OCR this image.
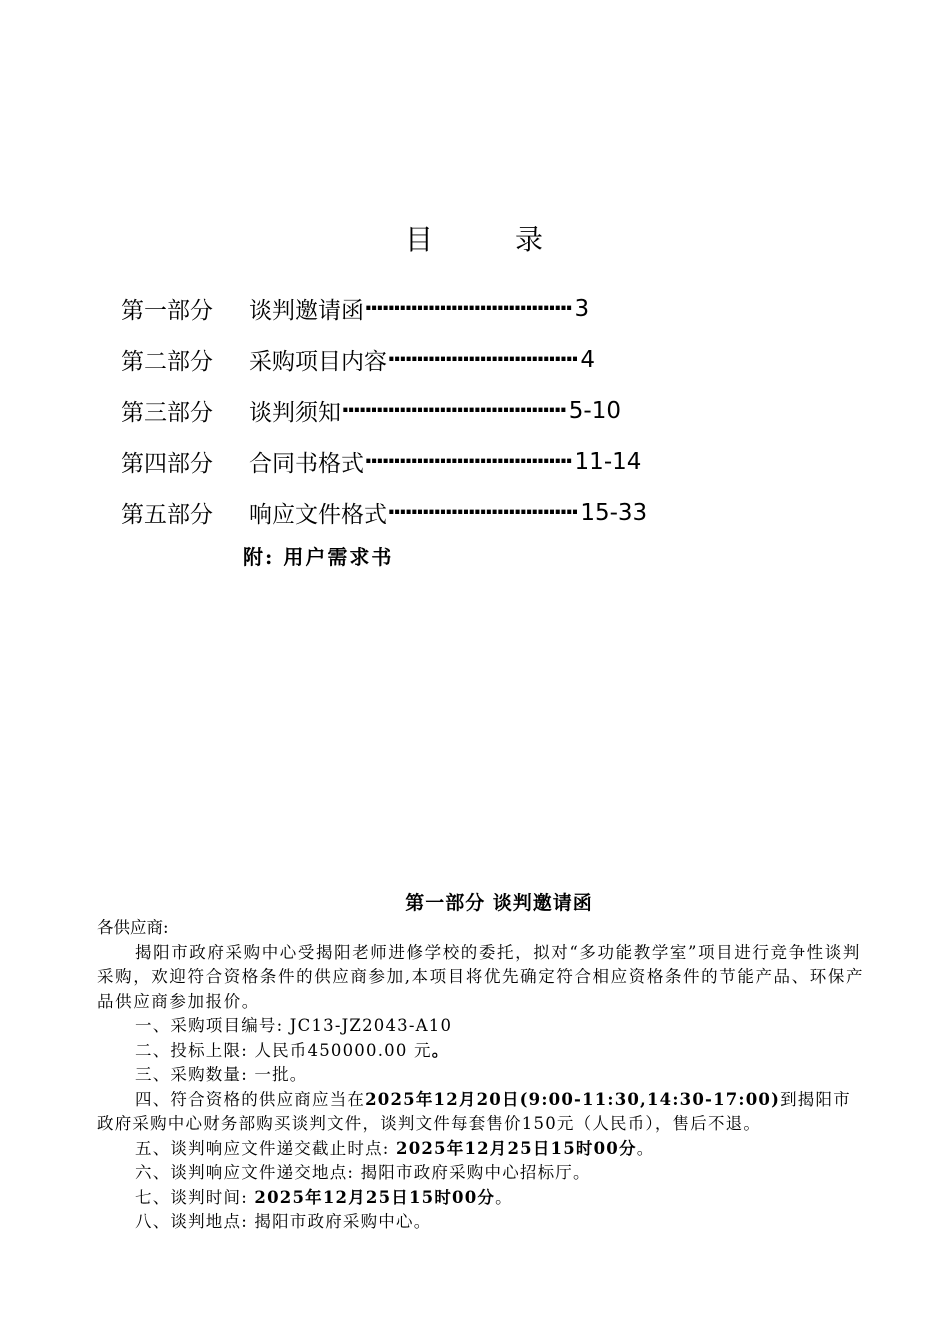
目	录
第一部分	谈判邀请函 ···································· 3
第二部分	采购项目内容 ································· 4
第三部分	谈判须知 ······································· 5-10
第四部分	合同书格式 ···································· 11-14
第五部分	响应文件格式 ································· 15-33
附: 用户需求书
第一部分 谈判邀请函

各供应商:

揭阳市政府采购中心受揭阳老师进修学校的委托，拟对“多功能教学室”项目进行竞争性谈判采购，欢迎符合资格条件的供应商参加,本项目将优先确定符合相应资格条件的节能产品、环保产品供应商参加报价。

一、采购项目编号: JC13-JZ2043-A10

二、投标上限: 人民币450000.00 元。

三、采购数量: 一批。

四、符合资格的供应商应当在2025年12月20日(9:00-11:30,14:30-17:00)到揭阳市政府采购中心财务部购买谈判文件，谈判文件每套售价150元（人民币），售后不退。

五、谈判响应文件递交截止时点: 2025年12月25日15时00分。

六、谈判响应文件递交地点: 揭阳市政府采购中心招标厅。

七、谈判时间: 2025年12月25日15时00分。

八、谈判地点: 揭阳市政府采购中心。
